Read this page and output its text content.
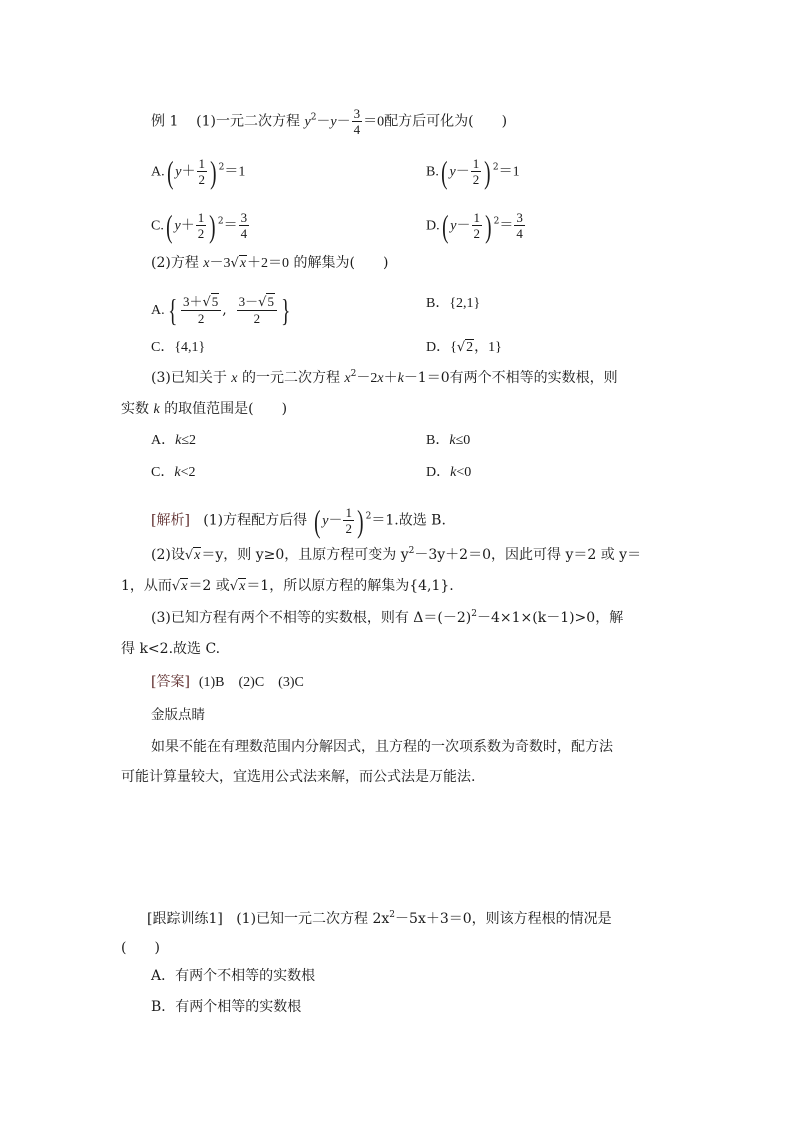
例 1 (1)一元二次方程 $y^2-y- \frac{3}{4} =0$配方后可化为(　　)
A.( $y+ \frac{1}{2}$ ) $^2$＝1	B.( $y- \frac{1}{2}$ ) $^2$＝1
C.( $y+ \frac{1}{2}$ ) $^2= \frac{3}{4}$	D.( $y- \frac{1}{2}$ ) $^2= \frac{3}{4}$
(2)方程 x－3√x＋2＝0 的解集为(　　)
$A.\{ \frac{3+√5}{2}$ , $\frac{3-√5}{2}$ }	B．{2,1}
C．{4,1}	D．{√2，1}
(3)已知关于 x 的一元二次方程 $x^2-2x+k-1=0$有两个不相等的实数根，则
实数 k 的取值范围是(　　)
A．k≤2	B．k≤0
C．k<2	D．k<0
[解析] (1)方程配方后得 ( $y- \frac{1}{2}$ ) $^2$＝1.故选 B.
(2)设√x＝y，则 y≥0，且原方程可变为 $y^2-3y+2=0$，因此可得 y＝2 或 y＝
1，从而√x＝2 或√x＝1，所以原方程的解集为{4,1}.
(3)已知方程有两个不相等的实数根，则有 $\Delta=(-2)^2-4\times 1\times(k-1)>0$，解
得 k<2.故选 C.
[答案] (1)B　(2)C　(3)C
金版点睛
如果不能在有理数范围内分解因式，且方程的一次项系数为奇数时，配方法
可能计算量较大，宜选用公式法来解，而公式法是万能法.
[跟踪训练1] (1)已知一元二次方程 $2x^2-5x+3=0$，则该方程根的情况是
(　　)
A．有两个不相等的实数根
B．有两个相等的实数根
